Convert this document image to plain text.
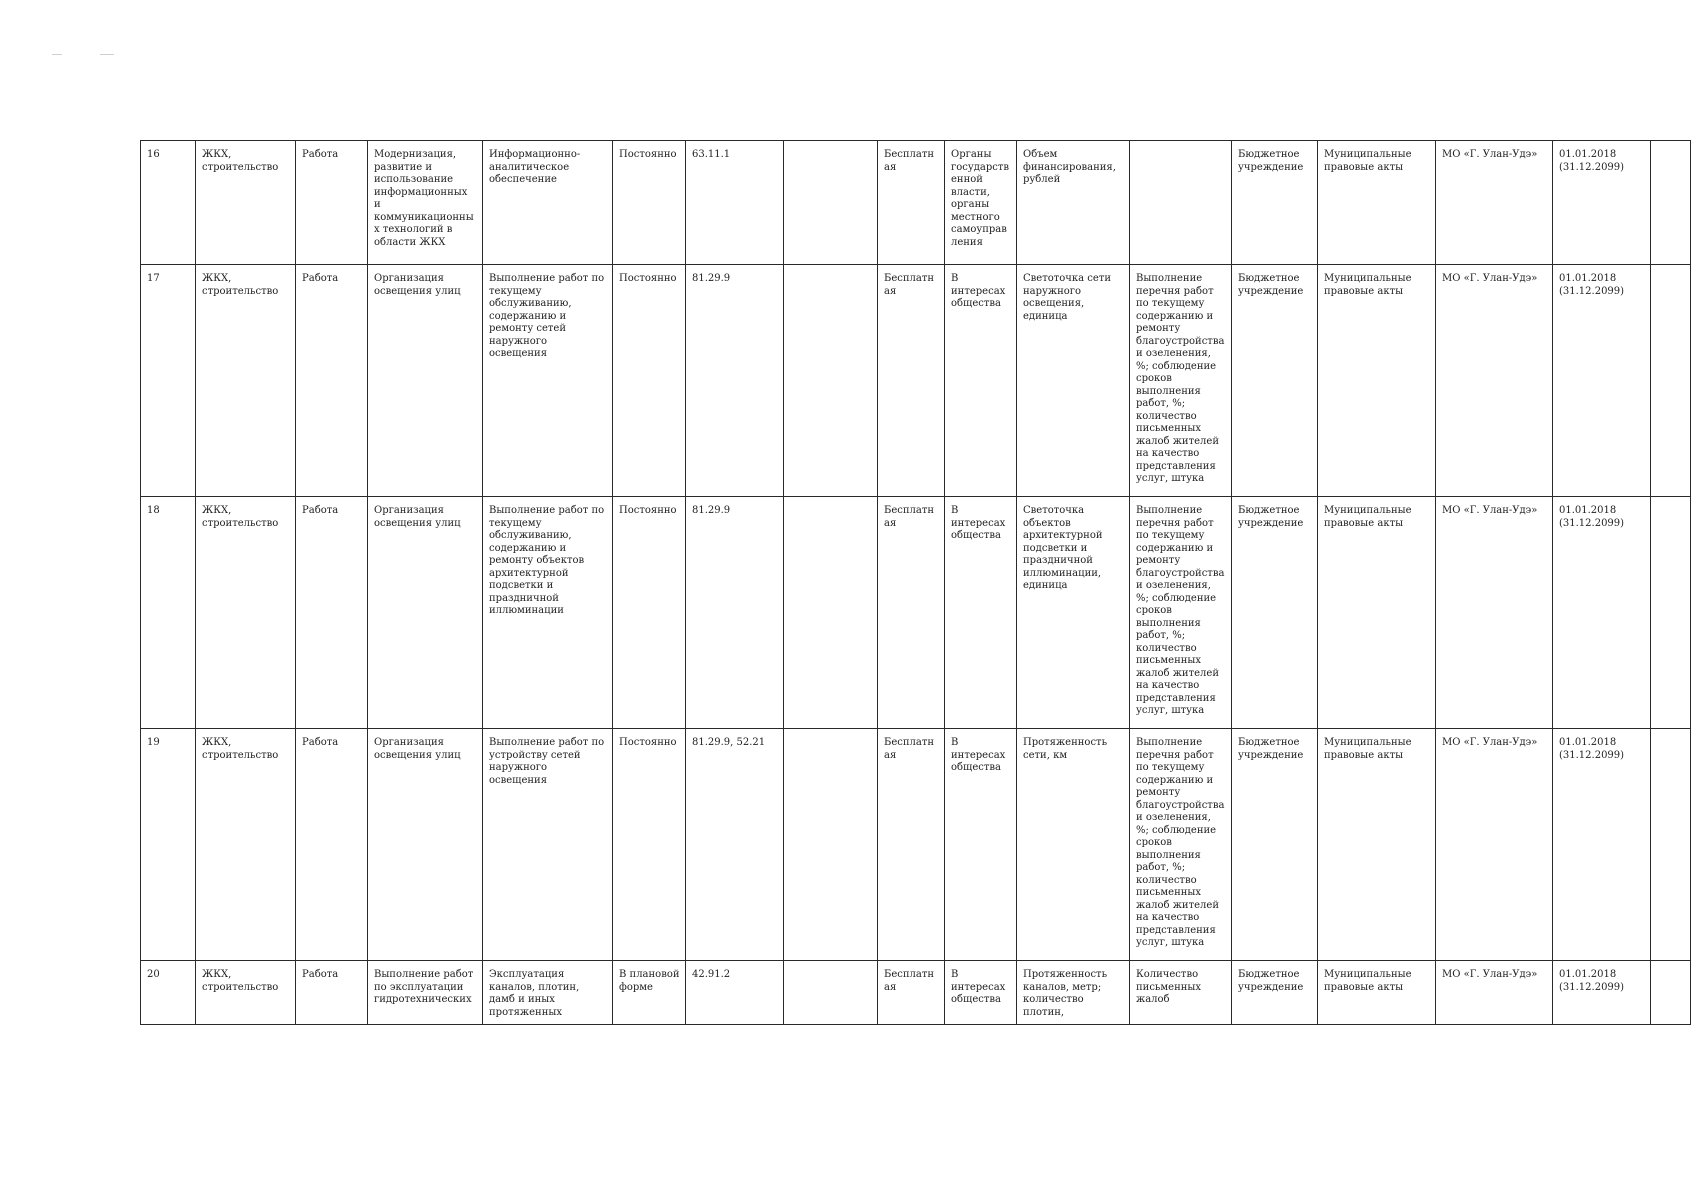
16	ЖКХ, строительство	Работа	Модернизация, развитие и использование информационных и коммуникационных технологий в области ЖКХ	Информационно-аналитическое обеспечение	Постоянно	63.11.1		Бесплатная	Органы государственной власти, органы местного самоуправления	Объем финансирования, рублей		Бюджетное учреждение	Муниципальные правовые акты	МО «Г. Улан-Удэ»	01.01.2018 (31.12.2099)	
17	ЖКХ, строительство	Работа	Организация освещения улиц	Выполнение работ по текущему обслуживанию, содержанию и ремонту сетей наружного освещения	Постоянно	81.29.9		Бесплатная	В интересах общества	Светоточка сети наружного освещения, единица	Выполнение перечня работ по текущему содержанию и ремонту благоустройства и озеленения, %; соблюдение сроков выполнения работ, %; количество письменных жалоб жителей на качество представления услуг, штука	Бюджетное учреждение	Муниципальные правовые акты	МО «Г. Улан-Удэ»	01.01.2018 (31.12.2099)	
18	ЖКХ, строительство	Работа	Организация освещения улиц	Выполнение работ по текущему обслуживанию, содержанию и ремонту объектов архитектурной подсветки и праздничной иллюминации	Постоянно	81.29.9		Бесплатная	В интересах общества	Светоточка объектов архитектурной подсветки и праздничной иллюминации, единица	Выполнение перечня работ по текущему содержанию и ремонту благоустройства и озеленения, %; соблюдение сроков выполнения работ, %; количество письменных жалоб жителей на качество представления услуг, штука	Бюджетное учреждение	Муниципальные правовые акты	МО «Г. Улан-Удэ»	01.01.2018 (31.12.2099)	
19	ЖКХ, строительство	Работа	Организация освещения улиц	Выполнение работ по устройству сетей наружного освещения	Постоянно	81.29.9, 52.21		Бесплатная	В интересах общества	Протяженность сети, км	Выполнение перечня работ по текущему содержанию и ремонту благоустройства и озеленения, %; соблюдение сроков выполнения работ, %; количество письменных жалоб жителей на качество представления услуг, штука	Бюджетное учреждение	Муниципальные правовые акты	МО «Г. Улан-Удэ»	01.01.2018 (31.12.2099)	
20	ЖКХ, строительство	Работа	Выполнение работ по эксплуатации гидротехнических	Эксплуатация каналов, плотин, дамб и иных протяженных	В плановой форме	42.91.2		Бесплатная	В интересах общества	Протяженность каналов, метр; количество плотин,	Количество письменных жалоб	Бюджетное учреждение	Муниципальные правовые акты	МО «Г. Улан-Удэ»	01.01.2018 (31.12.2099)	
